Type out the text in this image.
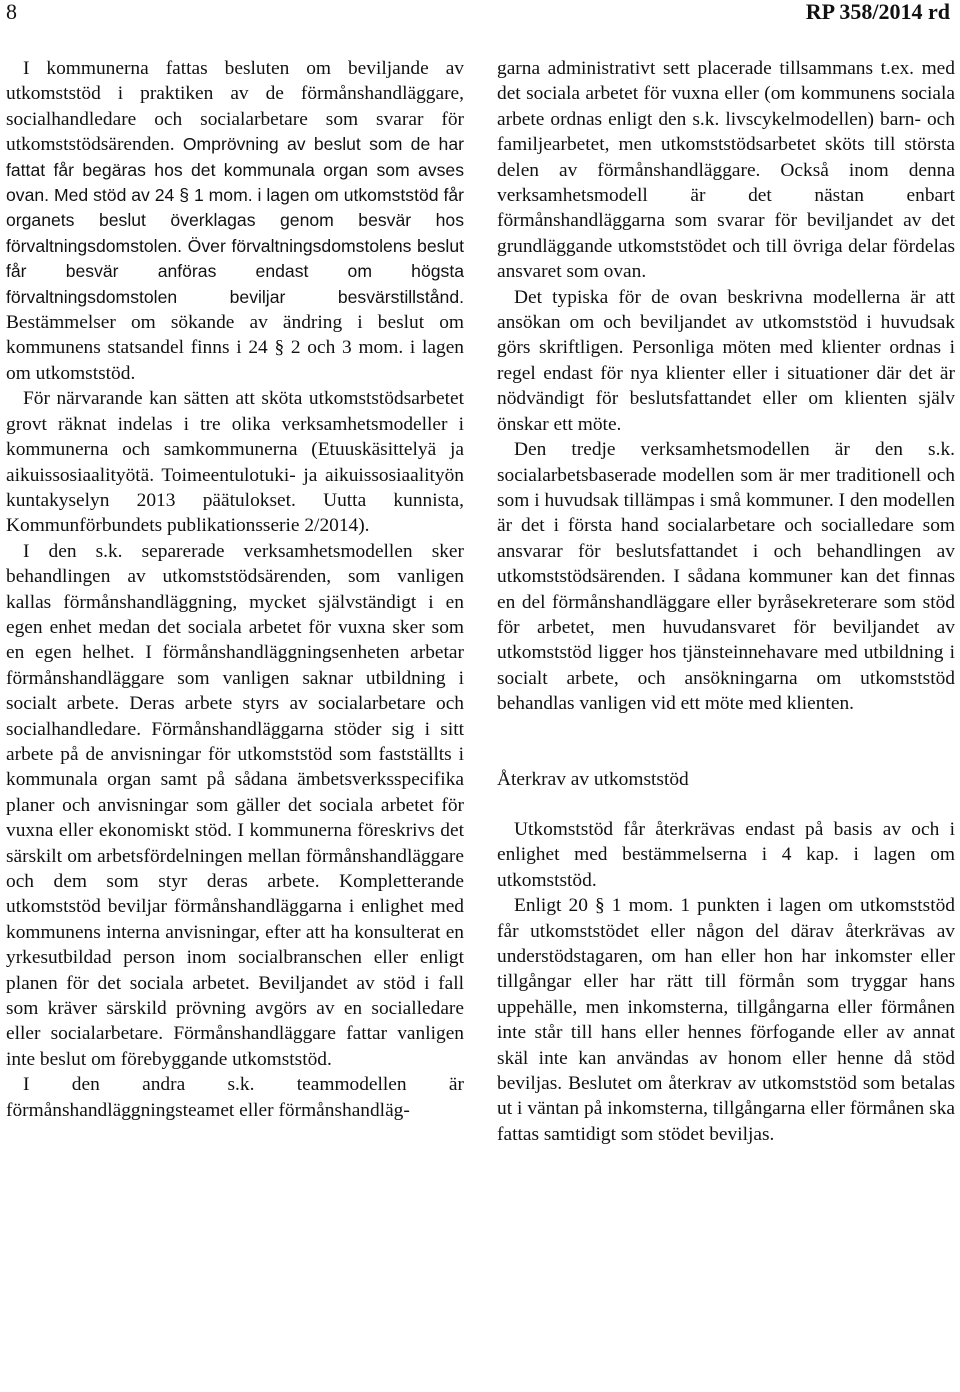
8	RP 358/2014 rd

I kommunerna fattas besluten om beviljande av utkomststöd i praktiken av de förmånshandläggare, socialhandledare och socialarbetare som svarar för utkomststödsärenden. Omprövning av beslut som de har fattat får begäras hos det kommunala organ som avses ovan. Med stöd av 24 § 1 mom. i lagen om utkomststöd får organets beslut överklagas genom besvär hos förvaltningsdomstolen. Över förvaltningsdomstolens beslut får besvär anföras endast om högsta förvaltningsdomstolen beviljar besvärstillstånd. Bestämmelser om sökande av ändring i beslut om kommunens statsandel finns i 24 § 2 och 3 mom. i lagen om utkomststöd.

För närvarande kan sätten att sköta utkomststödsarbetet grovt räknat indelas i tre olika verksamhetsmodeller i kommunerna och samkommunerna (Etuuskäsittelyä ja aikuissosiaalityötä. Toimeentulotuki- ja aikuissosiaalityön kuntakyselyn 2013 päätulokset. Uutta kunnista, Kommunförbundets publikationsserie 2/2014).

I den s.k. separerade verksamhetsmodellen sker behandlingen av utkomststödsärenden, som vanligen kallas förmånshandläggning, mycket självständigt i en egen enhet medan det sociala arbetet för vuxna sker som en egen helhet. I förmånshandläggningsenheten arbetar förmånshandläggare som vanligen saknar utbildning i socialt arbete. Deras arbete styrs av socialarbetare och socialhandledare. Förmånshandläggarna stöder sig i sitt arbete på de anvisningar för utkomststöd som fastställts i kommunala organ samt på sådana ämbetsverksspecifika planer och anvisningar som gäller det sociala arbetet för vuxna eller ekonomiskt stöd. I kommunerna föreskrivs det särskilt om arbetsfördelningen mellan förmånshandläggare och dem som styr deras arbete. Kompletterande utkomststöd beviljar förmånshandläggarna i enlighet med kommunens interna anvisningar, efter att ha konsulterat en yrkesutbildad person inom socialbranschen eller enligt planen för det sociala arbetet. Beviljandet av stöd i fall som kräver särskild prövning avgörs av en socialledare eller socialarbetare. Förmånshandläggare fattar vanligen inte beslut om förebyggande utkomststöd.

I den andra s.k. teammodellen är förmånshandläggningsteamet eller förmånshandläg-

garna administrativt sett placerade tillsammans t.ex. med det sociala arbetet för vuxna eller (om kommunens sociala arbete ordnas enligt den s.k. livscykelmodellen) barn- och familjearbetet, men utkomststödsarbetet sköts till största delen av förmånshandläggare. Också inom denna verksamhetsmodell är det nästan enbart förmånshandläggarna som svarar för beviljandet av det grundläggande utkomststödet och till övriga delar fördelas ansvaret som ovan.

Det typiska för de ovan beskrivna modellerna är att ansökan om och beviljandet av utkomststöd i huvudsak görs skriftligen. Personliga möten med klienter ordnas i regel endast för nya klienter eller i situationer där det är nödvändigt för beslutsfattandet eller om klienten själv önskar ett möte.

Den tredje verksamhetsmodellen är den s.k. socialarbetsbaserade modellen som är mer traditionell och som i huvudsak tillämpas i små kommuner. I den modellen är det i första hand socialarbetare och socialledare som ansvarar för beslutsfattandet i och behandlingen av utkomststödsärenden. I sådana kommuner kan det finnas en del förmånshandläggare eller byråsekreterare som stöd för arbetet, men huvudansvaret för beviljandet av utkomststöd ligger hos tjänsteinnehavare med utbildning i socialt arbete, och ansökningarna om utkomststöd behandlas vanligen vid ett möte med klienten.

Återkrav av utkomststöd

Utkomststöd får återkrävas endast på basis av och i enlighet med bestämmelserna i 4 kap. i lagen om utkomststöd.

Enligt 20 § 1 mom. 1 punkten i lagen om utkomststöd får utkomststödet eller någon del därav återkrävas av understödstagaren, om han eller hon har inkomster eller tillgångar eller har rätt till förmån som tryggar hans uppehälle, men inkomsterna, tillgångarna eller förmånen inte står till hans eller hennes förfogande eller av annat skäl inte kan användas av honom eller henne då stöd beviljas. Beslutet om återkrav av utkomststöd som betalas ut i väntan på inkomsterna, tillgångarna eller förmånen ska fattas samtidigt som stödet beviljas.
